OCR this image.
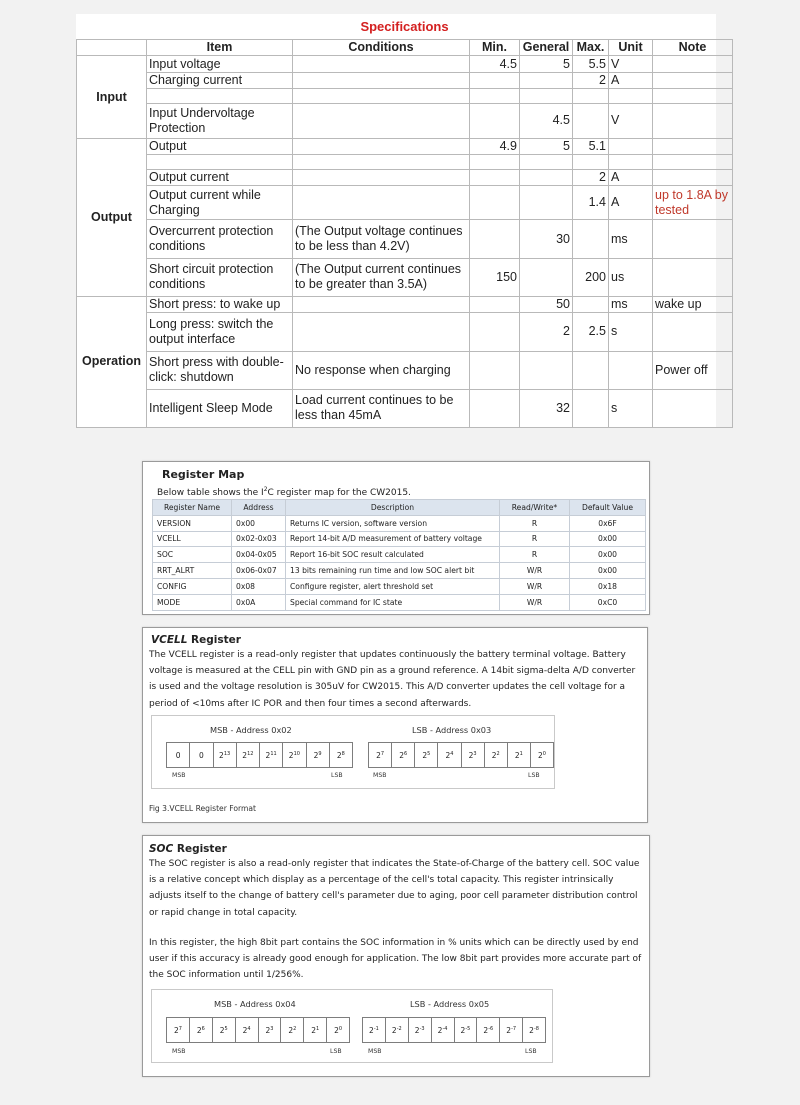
Specifications							
	Item	Conditions	Min.	General	Max.	Unit	Note
Input	Input voltage		4.5	5	5.5	V	
	Charging current				2	A	

	Input Undervoltage Protection			4.5		V	
Output	Output		4.9	5	5.1		

	Output current				2	A	
	Output current while Charging				1.4	A	up to 1.8A by tested
	Overcurrent protection conditions	(The Output voltage continues to be less than 4.2V)		30		ms	
	Short circuit protection conditions	(The Output current continues to be greater than 3.5A)	150		200	us	
Operation	Short press: to wake up			50		ms	wake up
	Long press: switch the output interface			2	2.5	s	
	Short press with double-click: shutdown	No response when charging					Power off
	Intelligent Sleep Mode	Load current continues to be less than 45mA		32		s	
Register Map
Below table shows the $I^2C$ register map for the CW2015.
Register Name	Address	Description	Read/Write*	Default Value
VERSION	0x00	Returns IC version, software version	R	0x6F
VCELL	0x02-0x03	Report 14-bit A/D measurement of battery voltage	R	0x00
SOC	0x04-0x05	Report 16-bit SOC result calculated	R	0x00
RRT_ALRT	0x06-0x07	13 bits remaining run time and low SOC alert bit	W/R	0x00
CONFIG	0x08	Configure register, alert threshold set	W/R	0x18
MODE	0x0A	Special command for IC state	W/R	0xC0
VCELL Register

The VCELL register is a read-only register that updates continuously the battery terminal voltage. Battery voltage is measured at the CELL pin with GND pin as a ground reference. A 14bit sigma-delta A/D converter is used and the voltage resolution is 305uV for CW2015. This A/D converter updates the cell voltage for a period of <10ms after IC POR and then four times a second afterwards.

MSB - Address 0x02	LSB - Address 0x03
0 0 $2^{13}$ $2^{12}$ $2^{11}$ $2^{10}$ $2^9$ $2^8$	$2^7$ $2^6$ $2^5$ $2^4$ $2^3$ $2^2$ $2^1$ $2^0$
MSB	LSB	MSB	LSB
Fig 3.VCELL Register Format
SOC Register

The SOC register is also a read-only register that indicates the State-of-Charge of the battery cell. SOC value is a relative concept which display as a percentage of the cell's total capacity. This register intrinsically adjusts itself to the change of battery cell's parameter due to aging, poor cell parameter distribution control or rapid change in total capacity.

In this register, the high 8bit part contains the SOC information in % units which can be directly used by end user if this accuracy is already good enough for application. The low 8bit part provides more accurate part of the SOC information until 1/256%.

MSB - Address 0x04	LSB - Address 0x05
$2^7$ $2^6$ $2^5$ $2^4$ $2^3$ $2^2$ $2^1$ $2^0$	$2^{-1}$ $2^{-2}$ $2^{-3}$ $2^{-4}$ $2^{-5}$ $2^{-6}$ $2^{-7}$ $2^{-8}$
MSB	LSB	MSB	LSB
